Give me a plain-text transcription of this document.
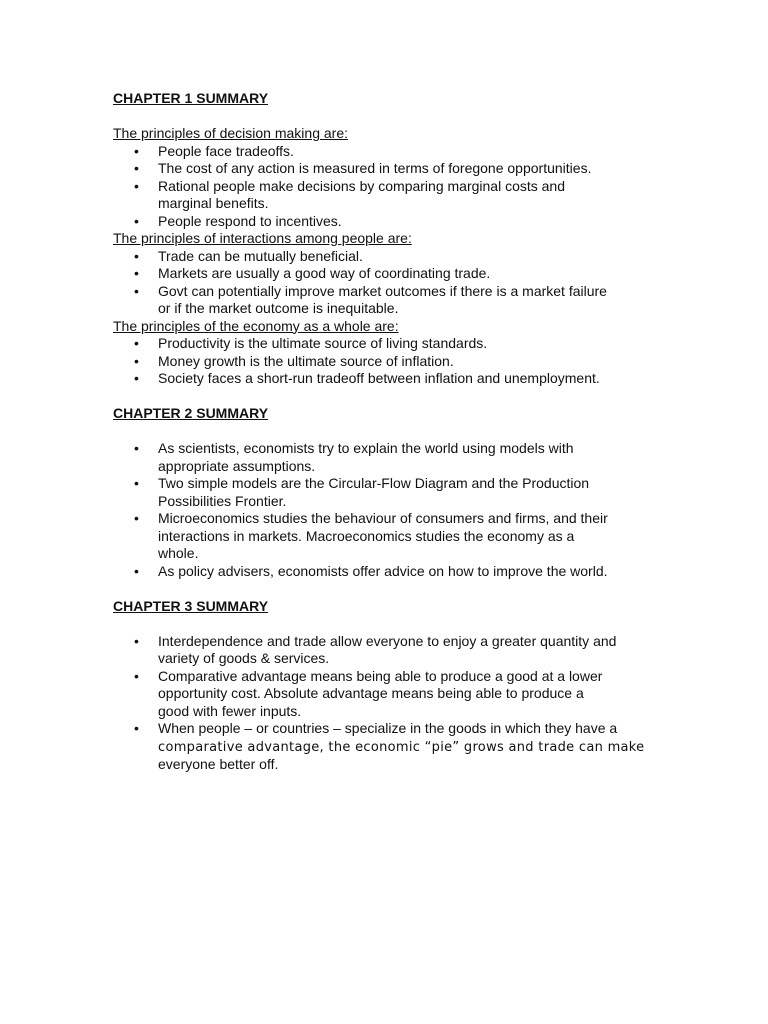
CHAPTER 1 SUMMARY
The principles of decision making are:
• People face tradeoffs.
• The cost of any action is measured in terms of foregone opportunities.
• Rational people make decisions by comparing marginal costs and
marginal benefits.
• People respond to incentives.
The principles of interactions among people are:
• Trade can be mutually beneficial.
• Markets are usually a good way of coordinating trade.
• Govt can potentially improve market outcomes if there is a market failure
or if the market outcome is inequitable.
The principles of the economy as a whole are:
• Productivity is the ultimate source of living standards.
• Money growth is the ultimate source of inflation.
• Society faces a short-run tradeoff between inflation and unemployment.
CHAPTER 2 SUMMARY
• As scientists, economists try to explain the world using models with
appropriate assumptions.
• Two simple models are the Circular-Flow Diagram and the Production
Possibilities Frontier.
• Microeconomics studies the behaviour of consumers and firms, and their
interactions in markets. Macroeconomics studies the economy as a
whole.
• As policy advisers, economists offer advice on how to improve the world.
CHAPTER 3 SUMMARY
• Interdependence and trade allow everyone to enjoy a greater quantity and
variety of goods & services.
• Comparative advantage means being able to produce a good at a lower
opportunity cost. Absolute advantage means being able to produce a
good with fewer inputs.
• When people – or countries – specialize in the goods in which they have a
comparative advantage, the economic “pie” grows and trade can make
everyone better off.
